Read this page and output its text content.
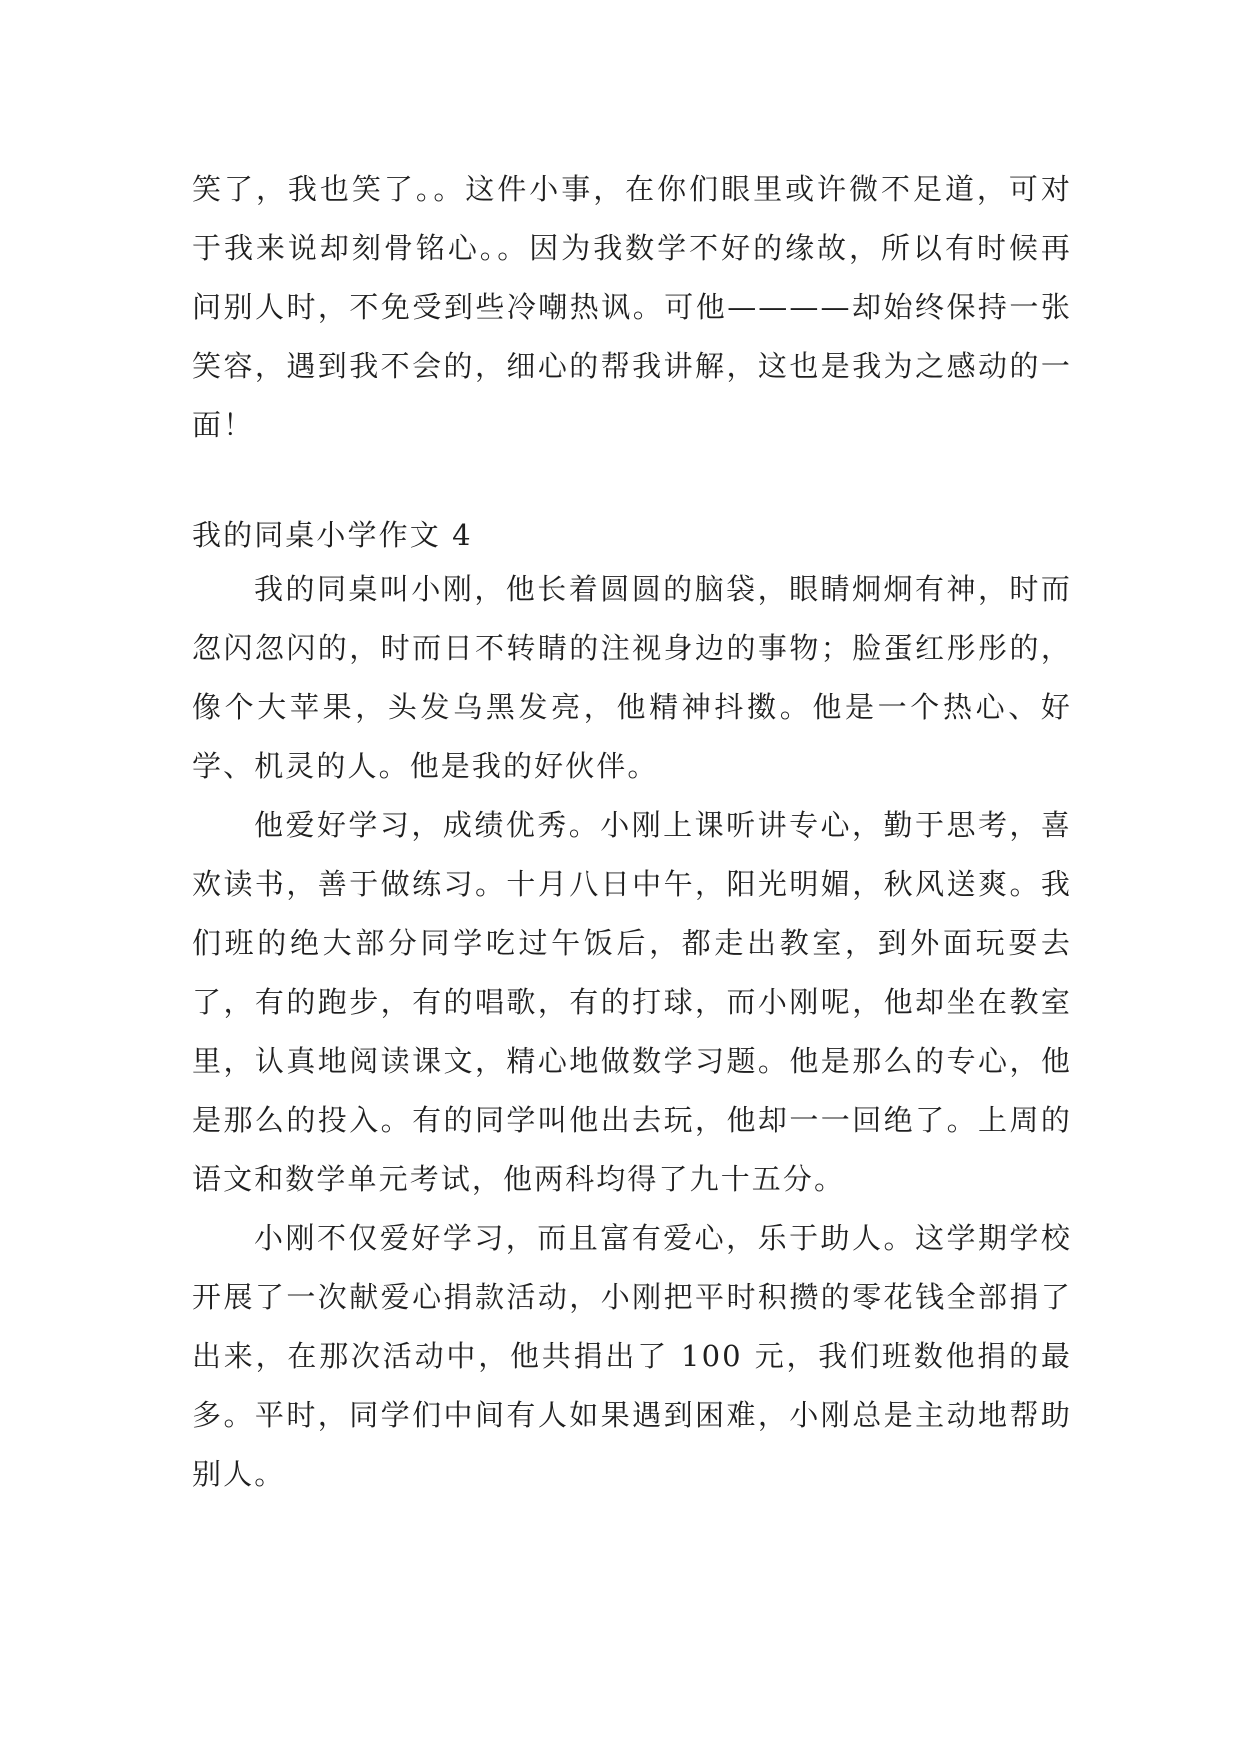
笑了，我也笑了。。这件小事，在你们眼里或许微不足道，可对于我来说却刻骨铭心。。因为我数学不好的缘故，所以有时候再问别人时，不免受到些冷嘲热讽。可他————却始终保持一张笑容，遇到我不会的，细心的帮我讲解，这也是我为之感动的一面！

我的同桌小学作文 4

我的同桌叫小刚，他长着圆圆的脑袋，眼睛炯炯有神，时而忽闪忽闪的，时而日不转睛的注视身边的事物；脸蛋红彤彤的，像个大苹果，头发乌黑发亮，他精神抖擞。他是一个热心、好学、机灵的人。他是我的好伙伴。

他爱好学习，成绩优秀。小刚上课听讲专心，勤于思考，喜欢读书，善于做练习。十月八日中午，阳光明媚，秋风送爽。我们班的绝大部分同学吃过午饭后，都走出教室，到外面玩耍去了，有的跑步，有的唱歌，有的打球，而小刚呢，他却坐在教室里，认真地阅读课文，精心地做数学习题。他是那么的专心，他是那么的投入。有的同学叫他出去玩，他却一一回绝了。上周的语文和数学单元考试，他两科均得了九十五分。

小刚不仅爱好学习，而且富有爱心，乐于助人。这学期学校开展了一次献爱心捐款活动，小刚把平时积攒的零花钱全部捐了出来，在那次活动中，他共捐出了 100 元，我们班数他捐的最多。平时，同学们中间有人如果遇到困难，小刚总是主动地帮助别人。
